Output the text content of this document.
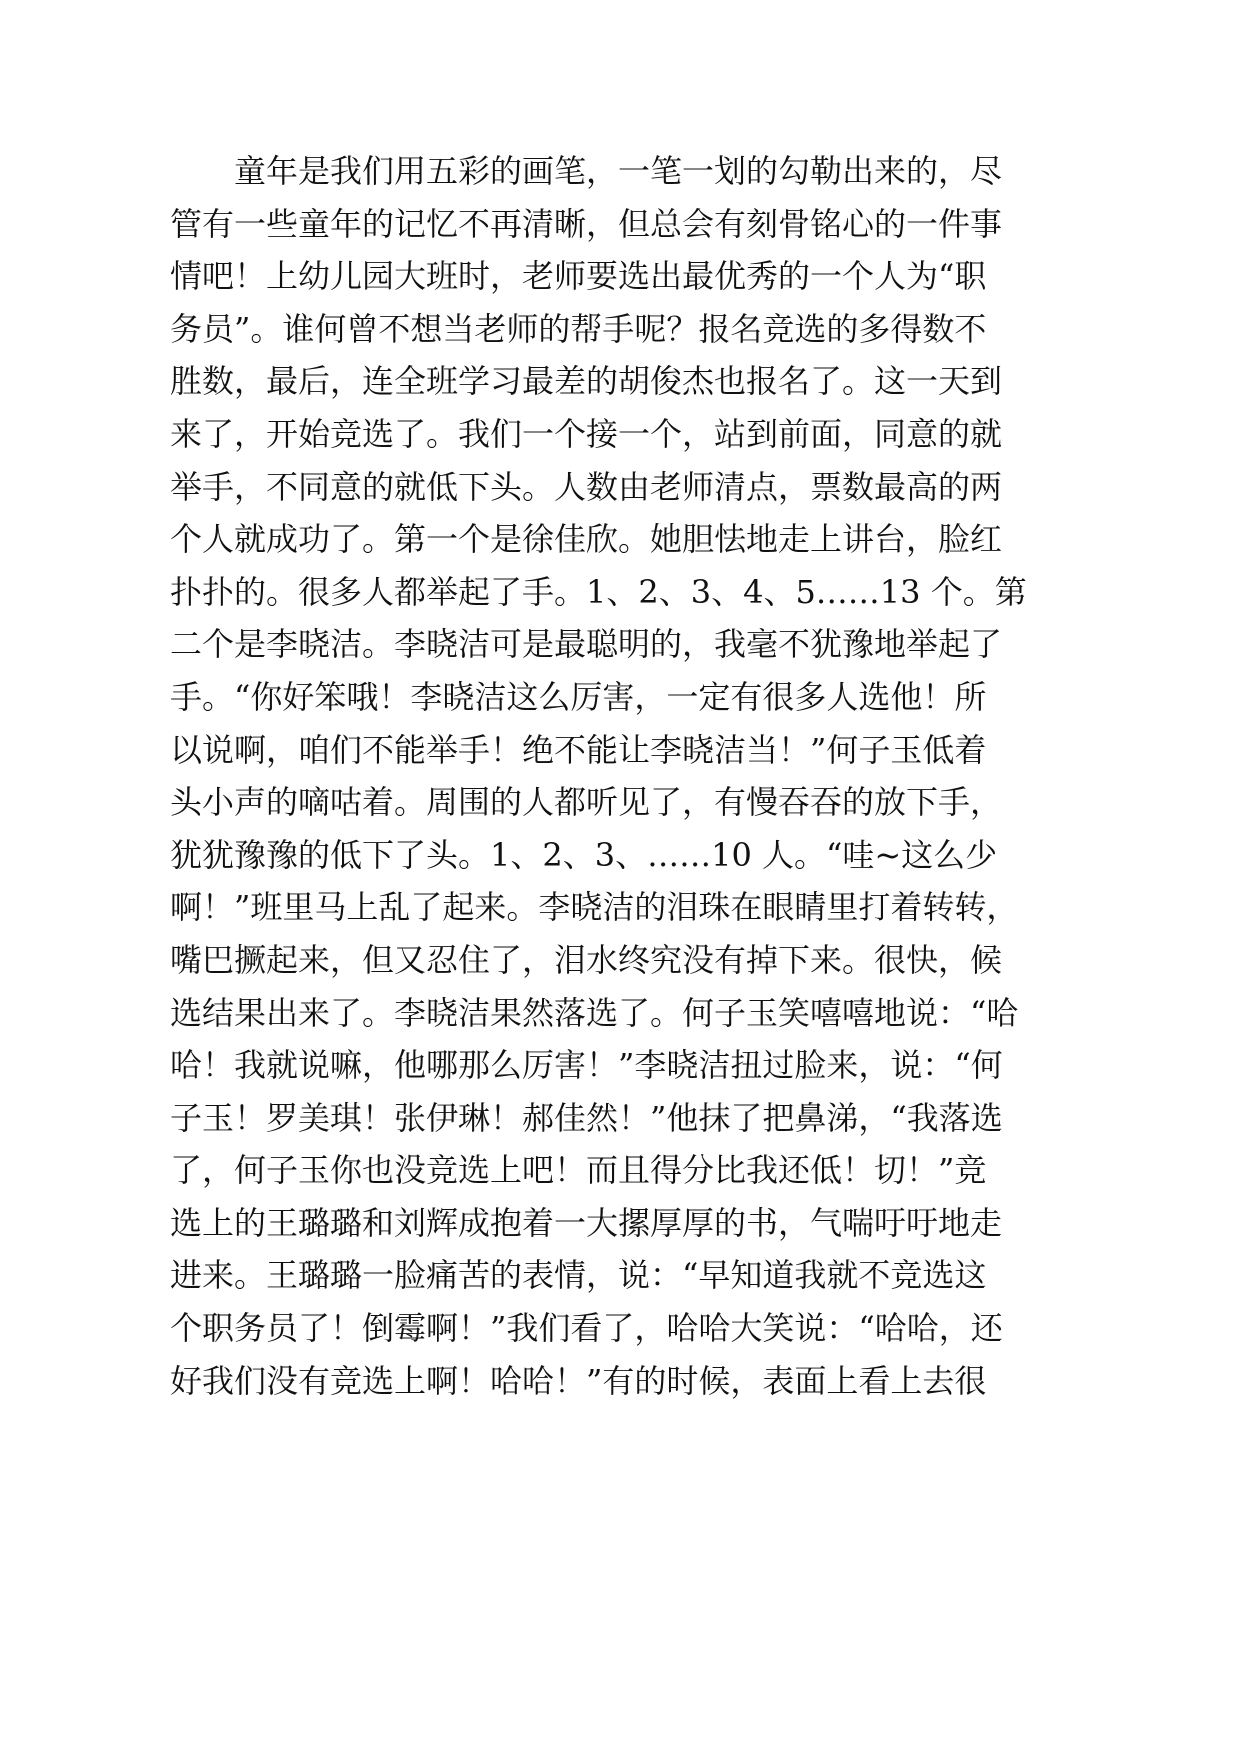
童年是我们用五彩的画笔，一笔一划的勾勒出来的，尽
管有一些童年的记忆不再清晰，但总会有刻骨铭心的一件事
情吧！上幼儿园大班时，老师要选出最优秀的一个人为“职
务员”。谁何曾不想当老师的帮手呢？报名竞选的多得数不
胜数，最后，连全班学习最差的胡俊杰也报名了。这一天到
来了，开始竞选了。我们一个接一个，站到前面，同意的就
举手，不同意的就低下头。人数由老师清点，票数最高的两
个人就成功了。第一个是徐佳欣。她胆怯地走上讲台，脸红
扑扑的。很多人都举起了手。1、2、3、4、5……13 个。第
二个是李晓洁。李晓洁可是最聪明的，我毫不犹豫地举起了
手。“你好笨哦！李晓洁这么厉害，一定有很多人选他！所
以说啊，咱们不能举手！绝不能让李晓洁当！”何子玉低着
头小声的嘀咕着。周围的人都听见了，有慢吞吞的放下手，
犹犹豫豫的低下了头。1、2、3、……10 人。“哇~这么少
啊！”班里马上乱了起来。李晓洁的泪珠在眼睛里打着转转，
嘴巴撅起来，但又忍住了，泪水终究没有掉下来。很快，候
选结果出来了。李晓洁果然落选了。何子玉笑嘻嘻地说：“哈
哈！我就说嘛，他哪那么厉害！”李晓洁扭过脸来，说：“何
子玉！罗美琪！张伊琳！郝佳然！”他抹了把鼻涕，“我落选
了，何子玉你也没竞选上吧！而且得分比我还低！切！”竞
选上的王璐璐和刘辉成抱着一大摞厚厚的书，气喘吁吁地走
进来。王璐璐一脸痛苦的表情，说：“早知道我就不竞选这
个职务员了！倒霉啊！”我们看了，哈哈大笑说：“哈哈，还
好我们没有竞选上啊！哈哈！”有的时候，表面上看上去很
